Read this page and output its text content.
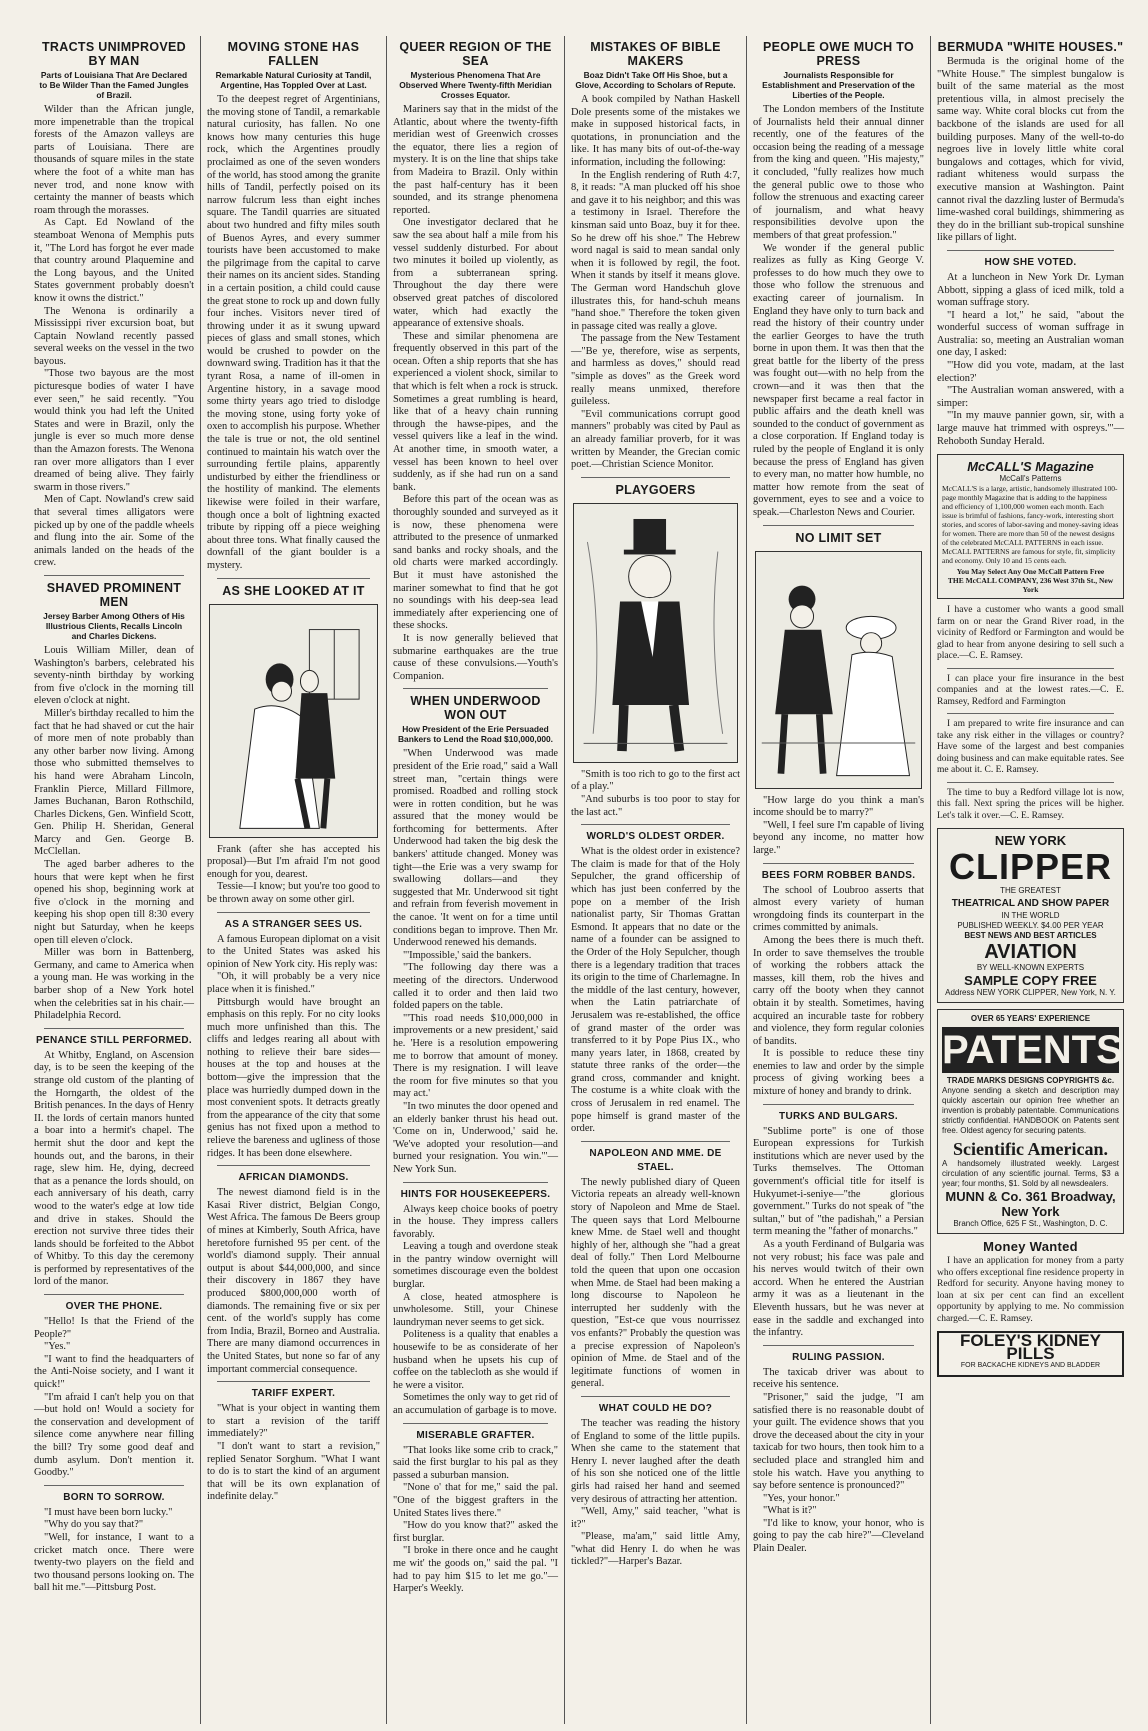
TRACTS UNIMPROVED BY MAN
Parts of Louisiana That Are Declared to Be Wilder Than the Famed Jungles of Brazil.

Wilder than the African jungle, more impenetrable than the tropical forests of the Amazon valleys are parts of Louisiana. There are thousands of square miles in the state where the foot of a white man has never trod, and none know with certainty the manner of beasts which roam through the morasses.

As Capt. Ed Nowland of the steamboat Wenona of Memphis puts it, "The Lord has forgot he ever made that country around Plaquemine and the Long bayous, and the United States government probably doesn't know it owns the district."

The Wenona is ordinarily a Mississippi river excursion boat, but Captain Nowland recently passed several weeks on the vessel in the two bayous.

"Those two bayous are the most picturesque bodies of water I have ever seen," he said recently. "You would think you had left the United States and were in Brazil, only the jungle is ever so much more dense than the Amazon forests. The Wenona ran over more alligators than I ever dreamed of being alive. They fairly swarm in those rivers."

Men of Capt. Nowland's crew said that several times alligators were picked up by one of the paddle wheels and flung into the air. Some of the animals landed on the heads of the crew.

SHAVED PROMINENT MEN
Jersey Barber Among Others of His Illustrious Clients, Recalls Lincoln and Charles Dickens.

Louis William Miller, dean of Washington's barbers, celebrated his seventy-ninth birthday by working from five o'clock in the morning till eleven o'clock at night.

Miller's birthday recalled to him the fact that he had shaved or cut the hair of more men of note probably than any other barber now living. Among those who submitted themselves to his hand were Abraham Lincoln, Franklin Pierce, Millard Fillmore, James Buchanan, Baron Rothschild, Charles Dickens, Gen. Winfield Scott, Gen. Philip H. Sheridan, General Marcy and Gen. George B. McClellan.

The aged barber adheres to the hours that were kept when he first opened his shop, beginning work at five o'clock in the morning and keeping his shop open till 8:30 every night but Saturday, when he keeps open till eleven o'clock.

Miller was born in Battenberg, Germany, and came to America when a young man. He was working in the barber shop of a New York hotel when the celebrities sat in his chair.—Philadelphia Record.

PENANCE STILL PERFORMED.

At Whitby, England, on Ascension day, is to be seen the keeping of the strange old custom of the planting of the Horngarth, the oldest of the British penances. In the days of Henry II. the lords of certain manors hunted a boar into a hermit's chapel. The hermit shut the door and kept the hounds out, and the barons, in their rage, slew him. He, dying, decreed that as a penance the lords should, on each anniversary of his death, carry wood to the water's edge at low tide and drive in stakes. Should the erection not survive three tides their lands should be forfeited to the Abbot of Whitby. To this day the ceremony is performed by representatives of the lord of the manor.

OVER THE PHONE.

"Hello! Is that the Friend of the People?"

"Yes."

"I want to find the headquarters of the Anti-Noise society, and I want it quick!"

"I'm afraid I can't help you on that—but hold on! Would a society for the conservation and development of silence come anywhere near filling the bill? Try some good deaf and dumb asylum. Don't mention it. Goodby."

BORN TO SORROW.

"I must have been born lucky."

"Why do you say that?"

"Well, for instance, I want to a cricket match once. There were twenty-two players on the field and two thousand persons looking on. The ball hit me."—Pittsburg Post.

MOVING STONE HAS FALLEN
Remarkable Natural Curiosity at Tandil, Argentine, Has Toppled Over at Last.

To the deepest regret of Argentinians, the moving stone of Tandil, a remarkable natural curiosity, has fallen. No one knows how many centuries this huge rock, which the Argentines proudly proclaimed as one of the seven wonders of the world, has stood among the granite hills of Tandil, perfectly poised on its narrow fulcrum less than eight inches square. The Tandil quarries are situated about two hundred and fifty miles south of Buenos Ayres, and every summer tourists have been accustomed to make the pilgrimage from the capital to carve their names on its ancient sides. Standing in a certain position, a child could cause the great stone to rock up and down fully four inches. Visitors never tired of throwing under it as it swung upward pieces of glass and small stones, which would be crushed to powder on the downward swing. Tradition has it that the tyrant Rosa, a name of ill-omen in Argentine history, in a savage mood some thirty years ago tried to dislodge the moving stone, using forty yoke of oxen to accomplish his purpose. Whether the tale is true or not, the old sentinel continued to maintain his watch over the surrounding fertile plains, apparently undisturbed by either the friendliness or the hostility of mankind. The elements likewise were foiled in their warfare, though once a bolt of lightning exacted tribute by ripping off a piece weighing about three tons. What finally caused the downfall of the giant boulder is a mystery.

AS SHE LOOKED AT IT

Frank (after she has accepted his proposal)—But I'm afraid I'm not good enough for you, dearest.

Tessie—I know; but you're too good to be thrown away on some other girl.

AS A STRANGER SEES US.

A famous European diplomat on a visit to the United States was asked his opinion of New York city. His reply was:

"Oh, it will probably be a very nice place when it is finished."

Pittsburgh would have brought an emphasis on this reply. For no city looks much more unfinished than this. The cliffs and ledges rearing all about with nothing to relieve their bare sides—houses at the top and houses at the bottom—give the impression that the place was hurriedly dumped down in the most convenient spots. It detracts greatly from the appearance of the city that some genius has not fixed upon a method to relieve the bareness and ugliness of those ridges. It has been done elsewhere.

AFRICAN DIAMONDS.

The newest diamond field is in the Kasai River district, Belgian Congo, West Africa. The famous De Beers group of mines at Kimberly, South Africa, have heretofore furnished 95 per cent. of the world's diamond supply. Their annual output is about $44,000,000, and since their discovery in 1867 they have produced $800,000,000 worth of diamonds. The remaining five or six per cent. of the world's supply has come from India, Brazil, Borneo and Australia. There are many diamond occurrences in the United States, but none so far of any important commercial consequence.

TARIFF EXPERT.

"What is your object in wanting them to start a revision of the tariff immediately?"

"I don't want to start a revision," replied Senator Sorghum. "What I want to do is to start the kind of an argument that will be its own explanation of indefinite delay."

QUEER REGION OF THE SEA
Mysterious Phenomena That Are Observed Where Twenty-fifth Meridian Crosses Equator.

Mariners say that in the midst of the Atlantic, about where the twenty-fifth meridian west of Greenwich crosses the equator, there lies a region of mystery. It is on the line that ships take from Madeira to Brazil. Only within the past half-century has it been sounded, and its strange phenomena reported.

One investigator declared that he saw the sea about half a mile from his vessel suddenly disturbed. For about two minutes it boiled up violently, as from a subterranean spring. Throughout the day there were observed great patches of discolored water, which had exactly the appearance of extensive shoals.

These and similar phenomena are frequently observed in this part of the ocean. Often a ship reports that she has experienced a violent shock, similar to that which is felt when a rock is struck. Sometimes a great rumbling is heard, like that of a heavy chain running through the hawse-pipes, and the vessel quivers like a leaf in the wind. At another time, in smooth water, a vessel has been known to heel over suddenly, as if she had run on a sand bank.

Before this part of the ocean was as thoroughly sounded and surveyed as it is now, these phenomena were attributed to the presence of unmarked sand banks and rocky shoals, and the old charts were marked accordingly. But it must have astonished the mariner somewhat to find that he got no soundings with his deep-sea lead immediately after experiencing one of these shocks.

It is now generally believed that submarine earthquakes are the true cause of these convulsions.—Youth's Companion.

WHEN UNDERWOOD WON OUT
How President of the Erie Persuaded Bankers to Lend the Road $10,000,000.

"When Underwood was made president of the Erie road," said a Wall street man, "certain things were promised. Roadbed and rolling stock were in rotten condition, but he was assured that the money would be forthcoming for betterments. After Underwood had taken the big desk the bankers' attitude changed. Money was tight—the Erie was a very swamp for swallowing dollars—and they suggested that Mr. Underwood sit tight and refrain from feverish movement in the canoe. 'It went on for a time until conditions began to improve. Then Mr. Underwood renewed his demands.

"'Impossible,' said the bankers.

"The following day there was a meeting of the directors. Underwood called it to order and then laid two folded papers on the table.

"'This road needs $10,000,000 in improvements or a new president,' said he. 'Here is a resolution empowering me to borrow that amount of money. There is my resignation. I will leave the room for five minutes so that you may act.'

"In two minutes the door opened and an elderly banker thrust his head out. 'Come on in, Underwood,' said he. 'We've adopted your resolution—and burned your resignation. You win.'"—New York Sun.

HINTS FOR HOUSEKEEPERS.

Always keep choice books of poetry in the house. They impress callers favorably.

Leaving a tough and overdone steak in the pantry window overnight will sometimes discourage even the boldest burglar.

A close, heated atmosphere is unwholesome. Still, your Chinese laundryman never seems to get sick.

Politeness is a quality that enables a housewife to be as considerate of her husband when he upsets his cup of coffee on the tablecloth as she would if he were a visitor.

Sometimes the only way to get rid of an accumulation of garbage is to move.

MISERABLE GRAFTER.

"That looks like some crib to crack," said the first burglar to his pal as they passed a suburban mansion.

"None o' that for me," said the pal. "One of the biggest grafters in the United States lives there."

"How do you know that?" asked the first burglar.

"I broke in there once and he caught me wit' the goods on," said the pal. "I had to pay him $15 to let me go."—Harper's Weekly.

MISTAKES OF BIBLE MAKERS
Boaz Didn't Take Off His Shoe, but a Glove, According to Scholars of Repute.

A book compiled by Nathan Haskell Dole presents some of the mistakes we make in supposed historical facts, in quotations, in pronunciation and the like. It has many bits of out-of-the-way information, including the following:

In the English rendering of Ruth 4:7, 8, it reads: "A man plucked off his shoe and gave it to his neighbor; and this was a testimony in Israel. Therefore the kinsman said unto Boaz, buy it for thee. So he drew off his shoe." The Hebrew word nagal is said to mean sandal only when it is followed by regil, the foot. When it stands by itself it means glove. The German word Handschuh glove illustrates this, for hand-schuh means "hand shoe." Therefore the token given in passage cited was really a glove.

The passage from the New Testament—"Be ye, therefore, wise as serpents, and harmless as doves," should read "simple as doves" as the Greek word really means unmixed, therefore guileless.

"Evil communications corrupt good manners" probably was cited by Paul as an already familiar proverb, for it was written by Meander, the Grecian comic poet.—Christian Science Monitor.

PLAYGOERS

"Smith is too rich to go to the first act of a play."

"And suburbs is too poor to stay for the last act."

WORLD'S OLDEST ORDER.

What is the oldest order in existence? The claim is made for that of the Holy Sepulcher, the grand officership of which has just been conferred by the pope on a member of the Irish nationalist party, Sir Thomas Grattan Esmond. It appears that no date or the name of a founder can be assigned to the Order of the Holy Sepulcher, though there is a legendary tradition that traces its origin to the time of Charlemagne. In the middle of the last century, however, when the Latin patriarchate of Jerusalem was re-established, the office of grand master of the order was transferred to it by Pope Pius IX., who many years later, in 1868, created by statute three ranks of the order—the grand cross, commander and knight. The costume is a white cloak with the cross of Jerusalem in red enamel. The pope himself is grand master of the order.

NAPOLEON AND MME. DE STAEL.

The newly published diary of Queen Victoria repeats an already well-known story of Napoleon and Mme de Stael. The queen says that Lord Melbourne knew Mme. de Stael well and thought highly of her, although she "had a great deal of folly." Then Lord Melbourne told the queen that upon one occasion when Mme. de Stael had been making a long discourse to Napoleon he interrupted her suddenly with the question, "Est-ce que vous nourrissez vos enfants?" Probably the question was a precise expression of Napoleon's opinion of Mme. de Stael and of the legitimate functions of women in general.

WHAT COULD HE DO?

The teacher was reading the history of England to some of the little pupils. When she came to the statement that Henry I. never laughed after the death of his son she noticed one of the little girls had raised her hand and seemed very desirous of attracting her attention.

"Well, Amy," said teacher, "what is it?"

"Please, ma'am," said little Amy, "what did Henry I. do when he was tickled?"—Harper's Bazar.

PEOPLE OWE MUCH TO PRESS
Journalists Responsible for Establishment and Preservation of the Liberties of the People.

The London members of the Institute of Journalists held their annual dinner recently, one of the features of the occasion being the reading of a message from the king and queen. "His majesty," it concluded, "fully realizes how much the general public owe to those who follow the strenuous and exacting career of journalism, and what heavy responsibilities devolve upon the members of that great profession."

We wonder if the general public realizes as fully as King George V. professes to do how much they owe to those who follow the strenuous and exacting career of journalism. In England they have only to turn back and read the history of their country under the earlier Georges to have the truth borne in upon them. It was then that the great battle for the liberty of the press was fought out—with no help from the crown—and it was then that the newspaper first became a real factor in public affairs and the death knell was sounded to the conduct of government as a close corporation. If England today is ruled by the people of England it is only because the press of England has given to every man, no matter how humble, no matter how remote from the seat of government, eyes to see and a voice to speak.—Charleston News and Courier.

NO LIMIT SET

"How large do you think a man's income should be to marry?"

"Well, I feel sure I'm capable of living beyond any income, no matter how large."

BEES FORM ROBBER BANDS.

The school of Loubroo asserts that almost every variety of human wrongdoing finds its counterpart in the crimes committed by animals.

Among the bees there is much theft. In order to save themselves the trouble of working the robbers attack the masses, kill them, rob the hives and carry off the booty when they cannot obtain it by stealth. Sometimes, having acquired an incurable taste for robbery and violence, they form regular colonies of bandits.

It is possible to reduce these tiny enemies to law and order by the simple process of giving working bees a mixture of honey and brandy to drink.

TURKS AND BULGARS.

"Sublime porte" is one of those European expressions for Turkish institutions which are never used by the Turks themselves. The Ottoman government's official title for itself is Hukyumet-i-seniye—"the glorious government." Turks do not speak of "the sultan," but of "the padishah," a Persian term meaning the "father of monarchs."

As a youth Ferdinand of Bulgaria was not very robust; his face was pale and his nerves would twitch of their own accord. When he entered the Austrian army it was as a lieutenant in the Eleventh hussars, but he was never at ease in the saddle and exchanged into the infantry.

RULING PASSION.

The taxicab driver was about to receive his sentence.

"Prisoner," said the judge, "I am satisfied there is no reasonable doubt of your guilt. The evidence shows that you drove the deceased about the city in your taxicab for two hours, then took him to a secluded place and strangled him and stole his watch. Have you anything to say before sentence is pronounced?"

"Yes, your honor."

"What is it?"

"I'd like to know, your honor, who is going to pay the cab hire?"—Cleveland Plain Dealer.

BERMUDA "WHITE HOUSES."

Bermuda is the original home of the "White House." The simplest bungalow is built of the same material as the most pretentious villa, in almost precisely the same way. White coral blocks cut from the backbone of the islands are used for all building purposes. Many of the well-to-do negroes live in lovely little white coral bungalows and cottages, which for vivid, radiant whiteness would surpass the executive mansion at Washington. Paint cannot rival the dazzling luster of Bermuda's lime-washed coral buildings, shimmering as they do in the brilliant sub-tropical sunshine like pillars of light.

HOW SHE VOTED.

At a luncheon in New York Dr. Lyman Abbott, sipping a glass of iced milk, told a woman suffrage story.

"I heard a lot," he said, "about the wonderful success of woman suffrage in Australia: so, meeting an Australian woman one day, I asked:

"'How did you vote, madam, at the last election?'

"The Australian woman answered, with a simper:

"'In my mauve pannier gown, sir, with a large mauve hat trimmed with ospreys.'"—Rehoboth Sunday Herald.

McCALL'S Magazine
McCall's Patterns
McCALL'S is a large, artistic, handsomely illustrated 100-page monthly Magazine that is adding to the happiness and efficiency of 1,100,000 women each month. Each issue is brimful of fashions, fancy-work, interesting short stories, and scores of labor-saving and money-saving ideas for women. There are more than 50 of the newest designs of the celebrated McCALL PATTERNS in each issue. McCALL PATTERNS are famous for style, fit, simplicity and economy. Only 10 and 15 cents each.
You May Select Any One McCall Pattern Free
THE McCALL COMPANY, 236 West 37th St., New York

I have a customer who wants a good small farm on or near the Grand River road, in the vicinity of Redford or Farmington and would be glad to hear from anyone desiring to sell such a place.—C. E. Ramsey.

I can place your fire insurance in the best companies and at the lowest rates.—C. E. Ramsey, Redford and Farmington

I am prepared to write fire insurance and can take any risk either in the villages or country? Have some of the largest and best companies doing business and can make equitable rates. See me about it. C. E. Ramsey.

The time to buy a Redford village lot is now, this fall. Next spring the prices will be higher. Let's talk it over.—C. E. Ramsey.

NEW YORK
CLIPPER
THE GREATEST
THEATRICAL AND SHOW PAPER
IN THE WORLD
PUBLISHED WEEKLY. $4.00 PER YEAR
BEST NEWS AND BEST ARTICLES
AVIATION
BY WELL-KNOWN EXPERTS
SAMPLE COPY FREE
Address NEW YORK CLIPPER, New York, N. Y.
OVER 65 YEARS' EXPERIENCE
PATENTS
TRADE MARKS DESIGNS COPYRIGHTS &c.
Anyone sending a sketch and description may quickly ascertain our opinion free whether an invention is probably patentable. Communications strictly confidential. HANDBOOK on Patents sent free. Oldest agency for securing patents.
Scientific American.
A handsomely illustrated weekly. Largest circulation of any scientific journal. Terms, $3 a year; four months, $1. Sold by all newsdealers.
MUNN & Co. 361 Broadway, New York
Branch Office, 625 F St., Washington, D. C.
Money Wanted

I have an application for money from a party who offers exceptional fine residence property in Redford for security. Anyone having money to loan at six per cent can find an excellent opportunity by applying to me. No commission charged.—C. E. Ramsey.

FOLEY'S KIDNEY PILLS
FOR BACKACHE KIDNEYS AND BLADDER
